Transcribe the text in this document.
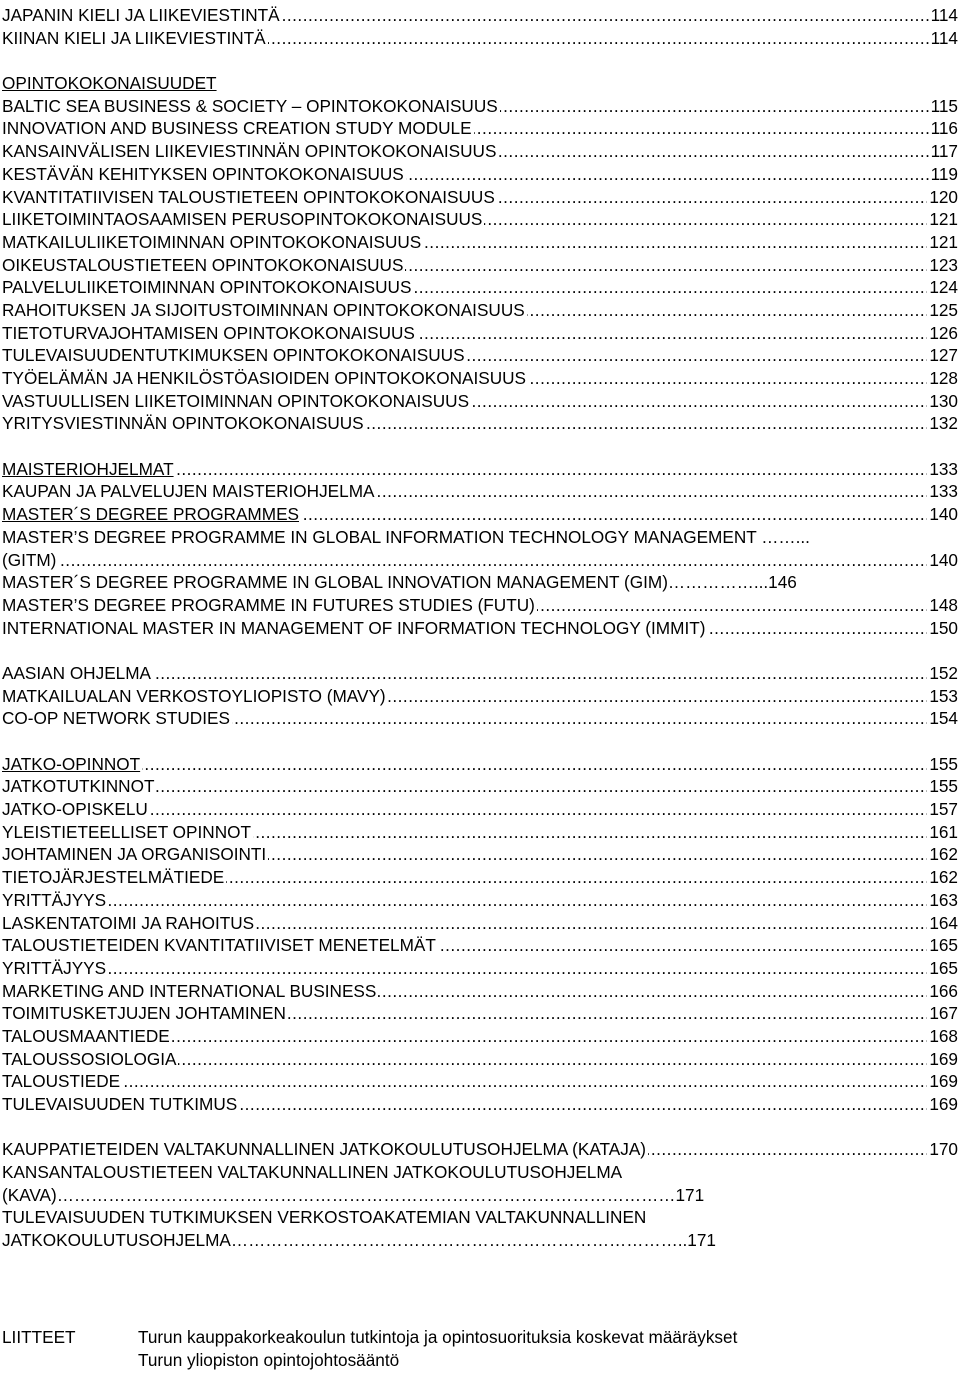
..... JAPANIN KIELI JA LIIKEVIESTINTÄ	114
..... KIINAN KIELI JA LIIKEVIESTINTÄ	114
OPINTOKOKONAISUUDET
..... BALTIC SEA BUSINESS & SOCIETY – OPINTOKOKONAISUUS	115
..... INNOVATION AND BUSINESS CREATION STUDY MODULE	116
..... KANSAINVÄLISEN LIIKEVIESTINNÄN OPINTOKOKONAISUUS	117
..... KESTÄVÄN KEHITYKSEN OPINTOKOKONAISUUS	119
..... KVANTITATIIVISEN TALOUSTIETEEN OPINTOKOKONAISUUS	120
..... LIIKETOIMINTAOSAAMISEN PERUSOPINTOKOKONAISUUS	121
..... MATKAILULIIKETOIMINNAN OPINTOKOKONAISUUS	121
..... OIKEUSTALOUSTIETEEN OPINTOKOKONAISUUS	123
..... PALVELULIIKETOIMINNAN OPINTOKOKONAISUUS	124
..... RAHOITUKSEN JA SIJOITUSTOIMINNAN OPINTOKOKONAISUUS	125
..... TIETOTURVAJOHTAMISEN OPINTOKOKONAISUUS	126
..... TULEVAISUUDENTUTKIMUKSEN OPINTOKOKONAISUUS	127
..... TYÖELÄMÄN JA HENKILÖSTÖASIOIDEN OPINTOKOKONAISUUS	128
..... VASTUULLISEN LIIKETOIMINNAN OPINTOKOKONAISUUS	130
..... YRITYSVIESTINNÄN OPINTOKOKONAISUUS	132
..... MAISTERIOHJELMAT	133
..... KAUPAN JA PALVELUJEN MAISTERIOHJELMA	133
..... MASTER´S DEGREE PROGRAMMES	140
MASTER’S DEGREE PROGRAMME IN GLOBAL INFORMATION TECHNOLOGY MANAGEMENT ……...
..... (GITM)	140
MASTER´S DEGREE PROGRAMME IN GLOBAL INNOVATION MANAGEMENT (GIM)……………...146
..... MASTER’S DEGREE PROGRAMME IN FUTURES STUDIES (FUTU)	148
..... INTERNATIONAL MASTER IN MANAGEMENT OF INFORMATION TECHNOLOGY (IMMIT)	150
..... AASIAN OHJELMA	152
..... MATKAILUALAN VERKOSTOYLIOPISTO (MAVY)	153
..... CO-OP NETWORK STUDIES	154
..... JATKO-OPINNOT	155
..... JATKOTUTKINNOT	155
..... JATKO-OPISKELU	157
..... YLEISTIETEELLISET OPINNOT	161
..... JOHTAMINEN JA ORGANISOINTI	162
..... TIETOJÄRJESTELMÄTIEDE	162
..... YRITTÄJYYS	163
..... LASKENTATOIMI JA RAHOITUS	164
..... TALOUSTIETEIDEN KVANTITATIIVISET MENETELMÄT	165
..... YRITTÄJYYS	165
..... MARKETING AND INTERNATIONAL BUSINESS	166
..... TOIMITUSKETJUJEN JOHTAMINEN	167
..... TALOUSMAANTIEDE	168
..... TALOUSSOSIOLOGIA	169
..... TALOUSTIEDE	169
..... TULEVAISUUDEN TUTKIMUS	169
..... KAUPPATIETEIDEN VALTAKUNNALLINEN JATKOKOULUTUSOHJELMA (KATAJA)	170
KANSANTALOUSTIETEEN VALTAKUNNALLINEN JATKOKOULUTUSOHJELMA
(KAVA)………………………………………………………………………………………………171
TULEVAISUUDEN TUTKIMUKSEN VERKOSTOAKATEMIAN VALTAKUNNALLINEN
JATKOKOULUTUSOHJELMA……………………………………………………………………..171
LIITTEET	Turun kauppakorkeakoulun tutkintoja ja opintosuorituksia koskevat määräykset
Turun yliopiston opintojohtosääntö
